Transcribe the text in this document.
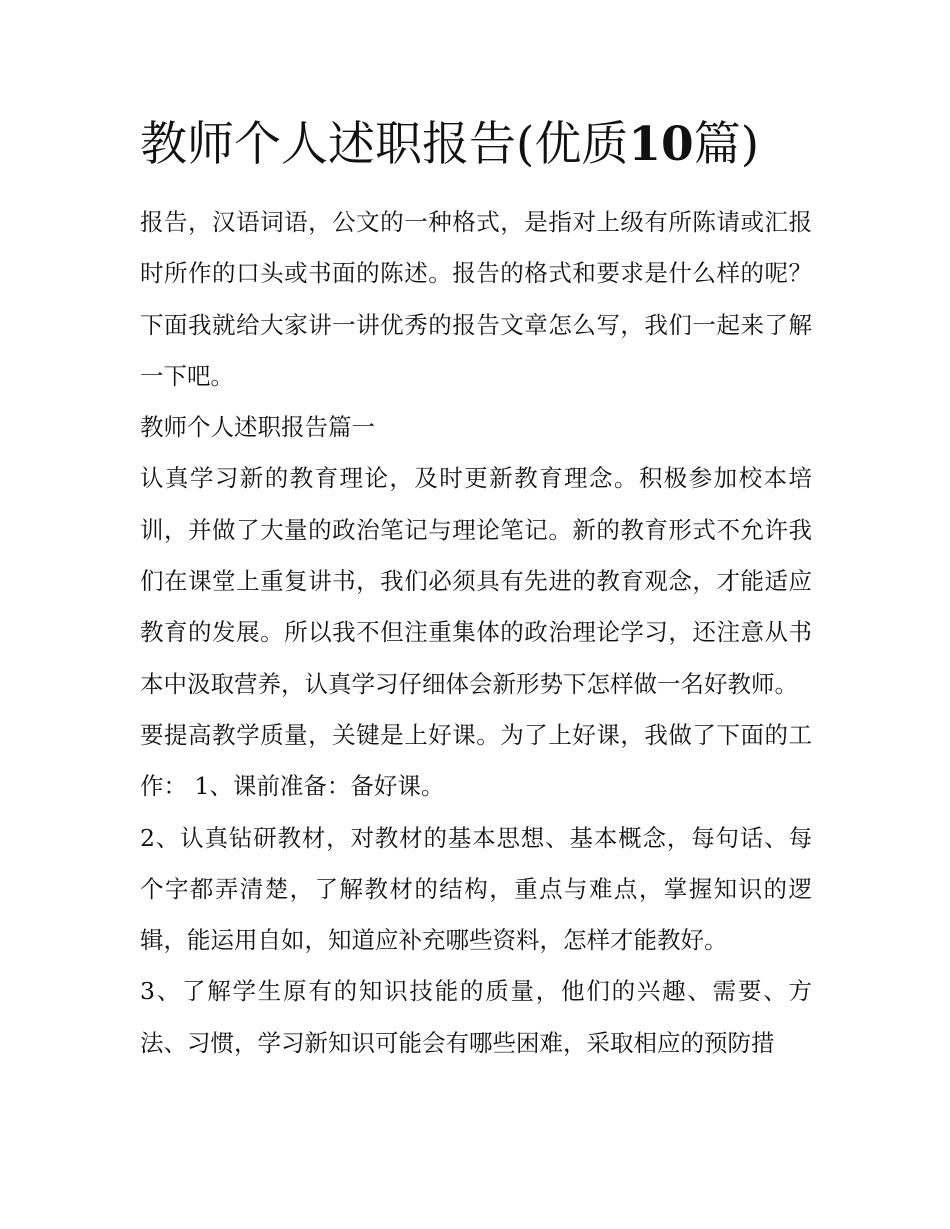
教师个人述职报告(优质10篇)

报告，汉语词语，公文的一种格式，是指对上级有所陈请或汇报时所作的口头或书面的陈述。报告的格式和要求是什么样的呢？下面我就给大家讲一讲优秀的报告文章怎么写，我们一起来了解一下吧。

教师个人述职报告篇一

认真学习新的教育理论，及时更新教育理念。积极参加校本培训，并做了大量的政治笔记与理论笔记。新的教育形式不允许我们在课堂上重复讲书，我们必须具有先进的教育观念，才能适应教育的发展。所以我不但注重集体的政治理论学习，还注意从书本中汲取营养，认真学习仔细体会新形势下怎样做一名好教师。

要提高教学质量，关键是上好课。为了上好课，我做了下面的工作： 1、课前准备：备好课。

2、认真钻研教材，对教材的基本思想、基本概念，每句话、每个字都弄清楚，了解教材的结构，重点与难点，掌握知识的逻辑，能运用自如，知道应补充哪些资料，怎样才能教好。

3、了解学生原有的知识技能的质量，他们的兴趣、需要、方法、习惯，学习新知识可能会有哪些困难，采取相应的预防措
